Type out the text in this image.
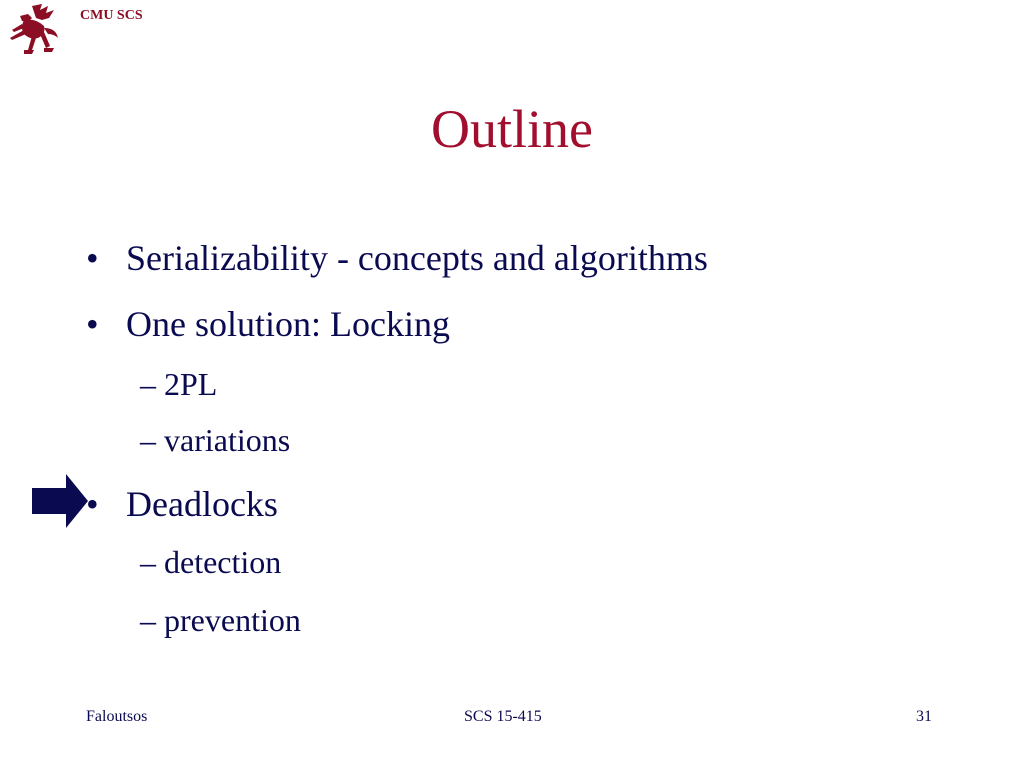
CMU SCS
Outline
• Serializability - concepts and algorithms
• One solution: Locking
– 2PL
– variations
• Deadlocks
– detection
– prevention
Faloutsos	SCS 15-415	31
